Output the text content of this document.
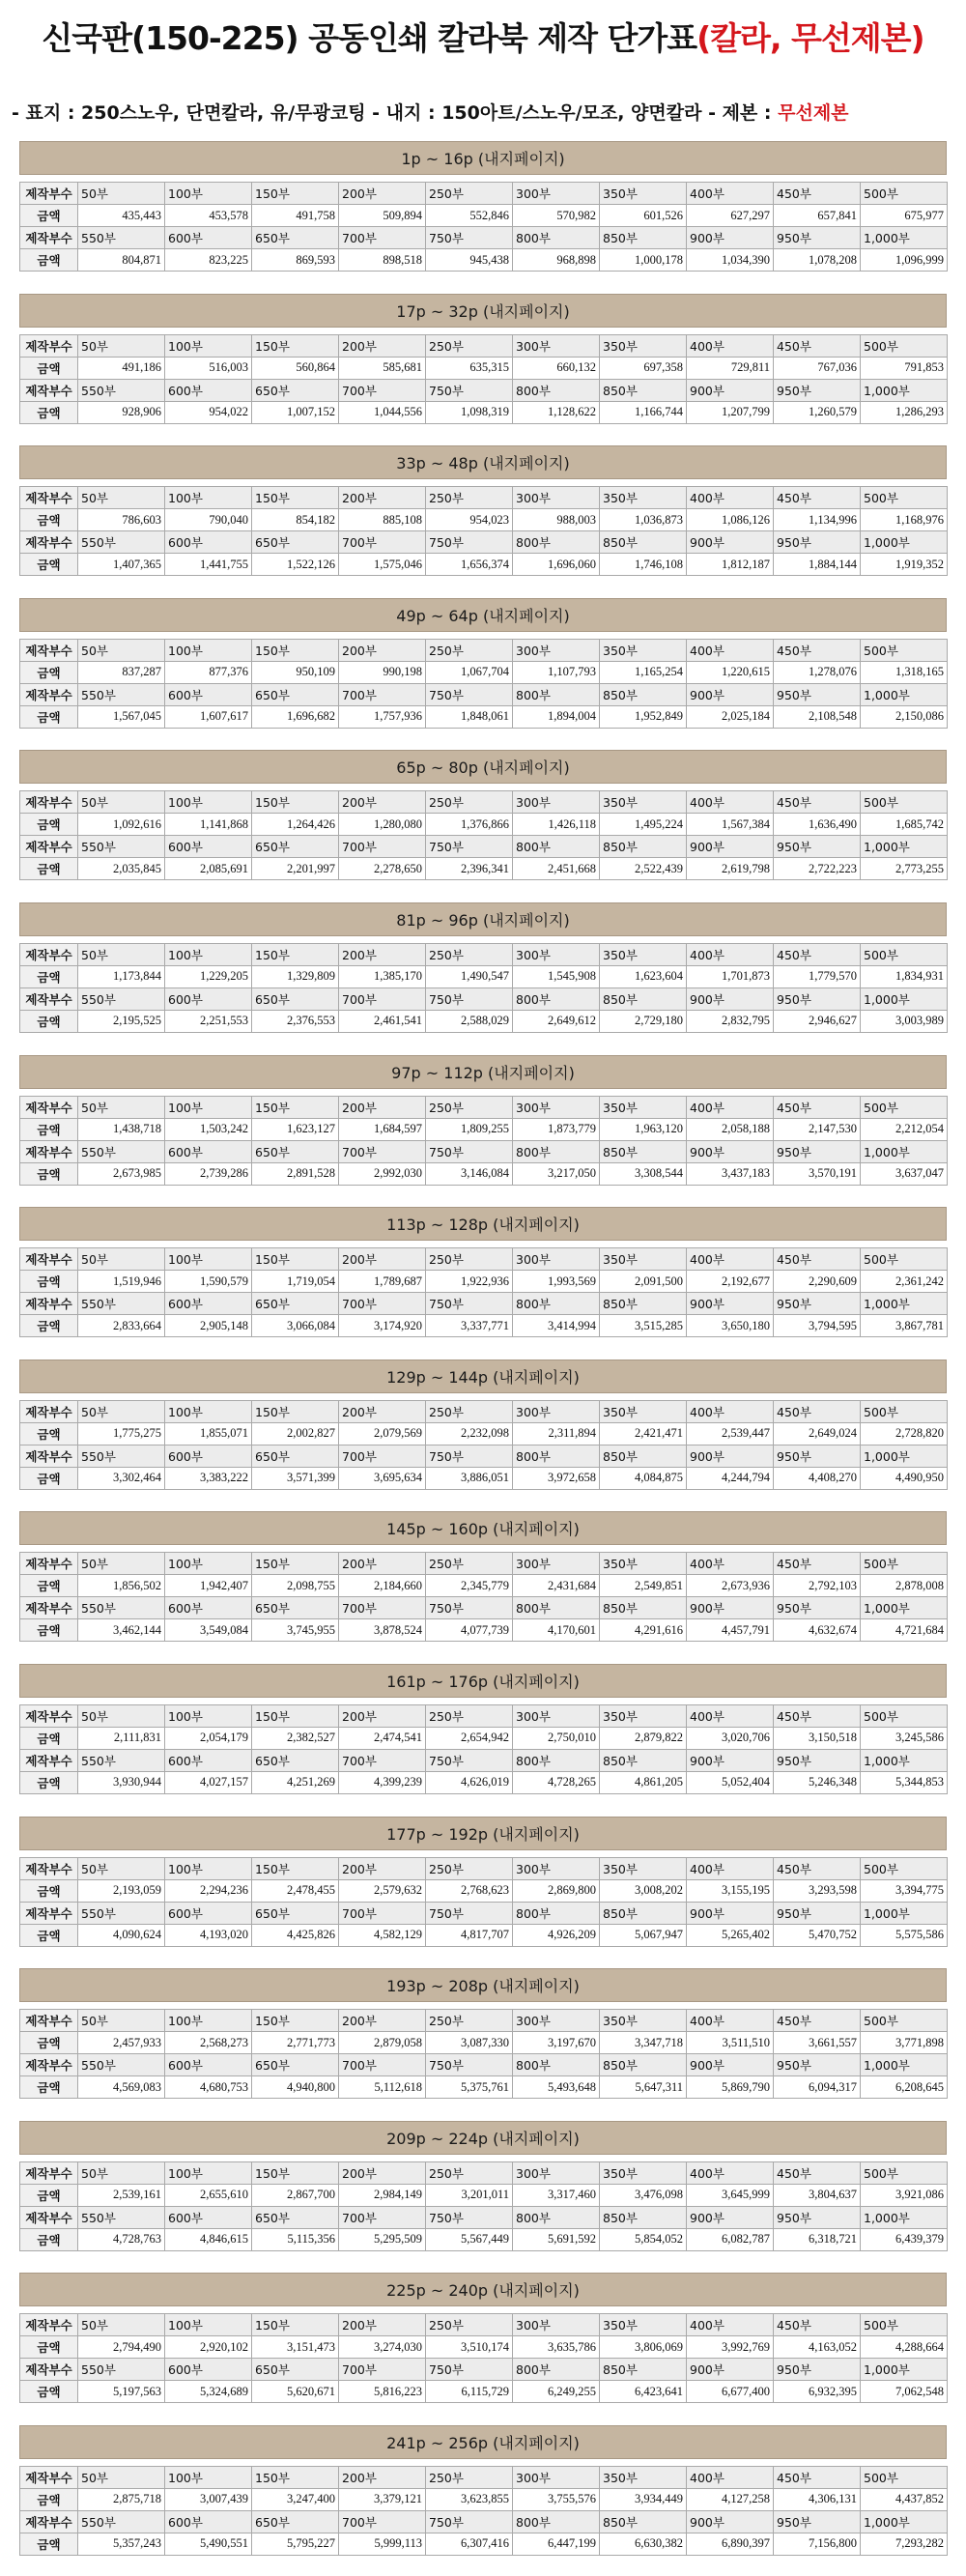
신국판(150-225) 공동인쇄 칼라북 제작 단가표(칼라, 무선제본)
- 표지 : 250스노우, 단면칼라, 유/무광코팅 - 내지 : 150아트/스노우/모조, 양면칼라 - 제본 : 무선제본
1p ~ 16p (내지페이지)
제작부수	50부	100부	150부	200부	250부	300부	350부	400부	450부	500부
금액	435,443	453,578	491,758	509,894	552,846	570,982	601,526	627,297	657,841	675,977
제작부수	550부	600부	650부	700부	750부	800부	850부	900부	950부	1,000부
금액	804,871	823,225	869,593	898,518	945,438	968,898	1,000,178	1,034,390	1,078,208	1,096,999
17p ~ 32p (내지페이지)
제작부수	50부	100부	150부	200부	250부	300부	350부	400부	450부	500부
금액	491,186	516,003	560,864	585,681	635,315	660,132	697,358	729,811	767,036	791,853
제작부수	550부	600부	650부	700부	750부	800부	850부	900부	950부	1,000부
금액	928,906	954,022	1,007,152	1,044,556	1,098,319	1,128,622	1,166,744	1,207,799	1,260,579	1,286,293
33p ~ 48p (내지페이지)
제작부수	50부	100부	150부	200부	250부	300부	350부	400부	450부	500부
금액	786,603	790,040	854,182	885,108	954,023	988,003	1,036,873	1,086,126	1,134,996	1,168,976
제작부수	550부	600부	650부	700부	750부	800부	850부	900부	950부	1,000부
금액	1,407,365	1,441,755	1,522,126	1,575,046	1,656,374	1,696,060	1,746,108	1,812,187	1,884,144	1,919,352
49p ~ 64p (내지페이지)
제작부수	50부	100부	150부	200부	250부	300부	350부	400부	450부	500부
금액	837,287	877,376	950,109	990,198	1,067,704	1,107,793	1,165,254	1,220,615	1,278,076	1,318,165
제작부수	550부	600부	650부	700부	750부	800부	850부	900부	950부	1,000부
금액	1,567,045	1,607,617	1,696,682	1,757,936	1,848,061	1,894,004	1,952,849	2,025,184	2,108,548	2,150,086
65p ~ 80p (내지페이지)
제작부수	50부	100부	150부	200부	250부	300부	350부	400부	450부	500부
금액	1,092,616	1,141,868	1,264,426	1,280,080	1,376,866	1,426,118	1,495,224	1,567,384	1,636,490	1,685,742
제작부수	550부	600부	650부	700부	750부	800부	850부	900부	950부	1,000부
금액	2,035,845	2,085,691	2,201,997	2,278,650	2,396,341	2,451,668	2,522,439	2,619,798	2,722,223	2,773,255
81p ~ 96p (내지페이지)
제작부수	50부	100부	150부	200부	250부	300부	350부	400부	450부	500부
금액	1,173,844	1,229,205	1,329,809	1,385,170	1,490,547	1,545,908	1,623,604	1,701,873	1,779,570	1,834,931
제작부수	550부	600부	650부	700부	750부	800부	850부	900부	950부	1,000부
금액	2,195,525	2,251,553	2,376,553	2,461,541	2,588,029	2,649,612	2,729,180	2,832,795	2,946,627	3,003,989
97p ~ 112p (내지페이지)
제작부수	50부	100부	150부	200부	250부	300부	350부	400부	450부	500부
금액	1,438,718	1,503,242	1,623,127	1,684,597	1,809,255	1,873,779	1,963,120	2,058,188	2,147,530	2,212,054
제작부수	550부	600부	650부	700부	750부	800부	850부	900부	950부	1,000부
금액	2,673,985	2,739,286	2,891,528	2,992,030	3,146,084	3,217,050	3,308,544	3,437,183	3,570,191	3,637,047
113p ~ 128p (내지페이지)
제작부수	50부	100부	150부	200부	250부	300부	350부	400부	450부	500부
금액	1,519,946	1,590,579	1,719,054	1,789,687	1,922,936	1,993,569	2,091,500	2,192,677	2,290,609	2,361,242
제작부수	550부	600부	650부	700부	750부	800부	850부	900부	950부	1,000부
금액	2,833,664	2,905,148	3,066,084	3,174,920	3,337,771	3,414,994	3,515,285	3,650,180	3,794,595	3,867,781
129p ~ 144p (내지페이지)
제작부수	50부	100부	150부	200부	250부	300부	350부	400부	450부	500부
금액	1,775,275	1,855,071	2,002,827	2,079,569	2,232,098	2,311,894	2,421,471	2,539,447	2,649,024	2,728,820
제작부수	550부	600부	650부	700부	750부	800부	850부	900부	950부	1,000부
금액	3,302,464	3,383,222	3,571,399	3,695,634	3,886,051	3,972,658	4,084,875	4,244,794	4,408,270	4,490,950
145p ~ 160p (내지페이지)
제작부수	50부	100부	150부	200부	250부	300부	350부	400부	450부	500부
금액	1,856,502	1,942,407	2,098,755	2,184,660	2,345,779	2,431,684	2,549,851	2,673,936	2,792,103	2,878,008
제작부수	550부	600부	650부	700부	750부	800부	850부	900부	950부	1,000부
금액	3,462,144	3,549,084	3,745,955	3,878,524	4,077,739	4,170,601	4,291,616	4,457,791	4,632,674	4,721,684
161p ~ 176p (내지페이지)
제작부수	50부	100부	150부	200부	250부	300부	350부	400부	450부	500부
금액	2,111,831	2,054,179	2,382,527	2,474,541	2,654,942	2,750,010	2,879,822	3,020,706	3,150,518	3,245,586
제작부수	550부	600부	650부	700부	750부	800부	850부	900부	950부	1,000부
금액	3,930,944	4,027,157	4,251,269	4,399,239	4,626,019	4,728,265	4,861,205	5,052,404	5,246,348	5,344,853
177p ~ 192p (내지페이지)
제작부수	50부	100부	150부	200부	250부	300부	350부	400부	450부	500부
금액	2,193,059	2,294,236	2,478,455	2,579,632	2,768,623	2,869,800	3,008,202	3,155,195	3,293,598	3,394,775
제작부수	550부	600부	650부	700부	750부	800부	850부	900부	950부	1,000부
금액	4,090,624	4,193,020	4,425,826	4,582,129	4,817,707	4,926,209	5,067,947	5,265,402	5,470,752	5,575,586
193p ~ 208p (내지페이지)
제작부수	50부	100부	150부	200부	250부	300부	350부	400부	450부	500부
금액	2,457,933	2,568,273	2,771,773	2,879,058	3,087,330	3,197,670	3,347,718	3,511,510	3,661,557	3,771,898
제작부수	550부	600부	650부	700부	750부	800부	850부	900부	950부	1,000부
금액	4,569,083	4,680,753	4,940,800	5,112,618	5,375,761	5,493,648	5,647,311	5,869,790	6,094,317	6,208,645
209p ~ 224p (내지페이지)
제작부수	50부	100부	150부	200부	250부	300부	350부	400부	450부	500부
금액	2,539,161	2,655,610	2,867,700	2,984,149	3,201,011	3,317,460	3,476,098	3,645,999	3,804,637	3,921,086
제작부수	550부	600부	650부	700부	750부	800부	850부	900부	950부	1,000부
금액	4,728,763	4,846,615	5,115,356	5,295,509	5,567,449	5,691,592	5,854,052	6,082,787	6,318,721	6,439,379
225p ~ 240p (내지페이지)
제작부수	50부	100부	150부	200부	250부	300부	350부	400부	450부	500부
금액	2,794,490	2,920,102	3,151,473	3,274,030	3,510,174	3,635,786	3,806,069	3,992,769	4,163,052	4,288,664
제작부수	550부	600부	650부	700부	750부	800부	850부	900부	950부	1,000부
금액	5,197,563	5,324,689	5,620,671	5,816,223	6,115,729	6,249,255	6,423,641	6,677,400	6,932,395	7,062,548
241p ~ 256p (내지페이지)
제작부수	50부	100부	150부	200부	250부	300부	350부	400부	450부	500부
금액	2,875,718	3,007,439	3,247,400	3,379,121	3,623,855	3,755,576	3,934,449	4,127,258	4,306,131	4,437,852
제작부수	550부	600부	650부	700부	750부	800부	850부	900부	950부	1,000부
금액	5,357,243	5,490,551	5,795,227	5,999,113	6,307,416	6,447,199	6,630,382	6,890,397	7,156,800	7,293,282
